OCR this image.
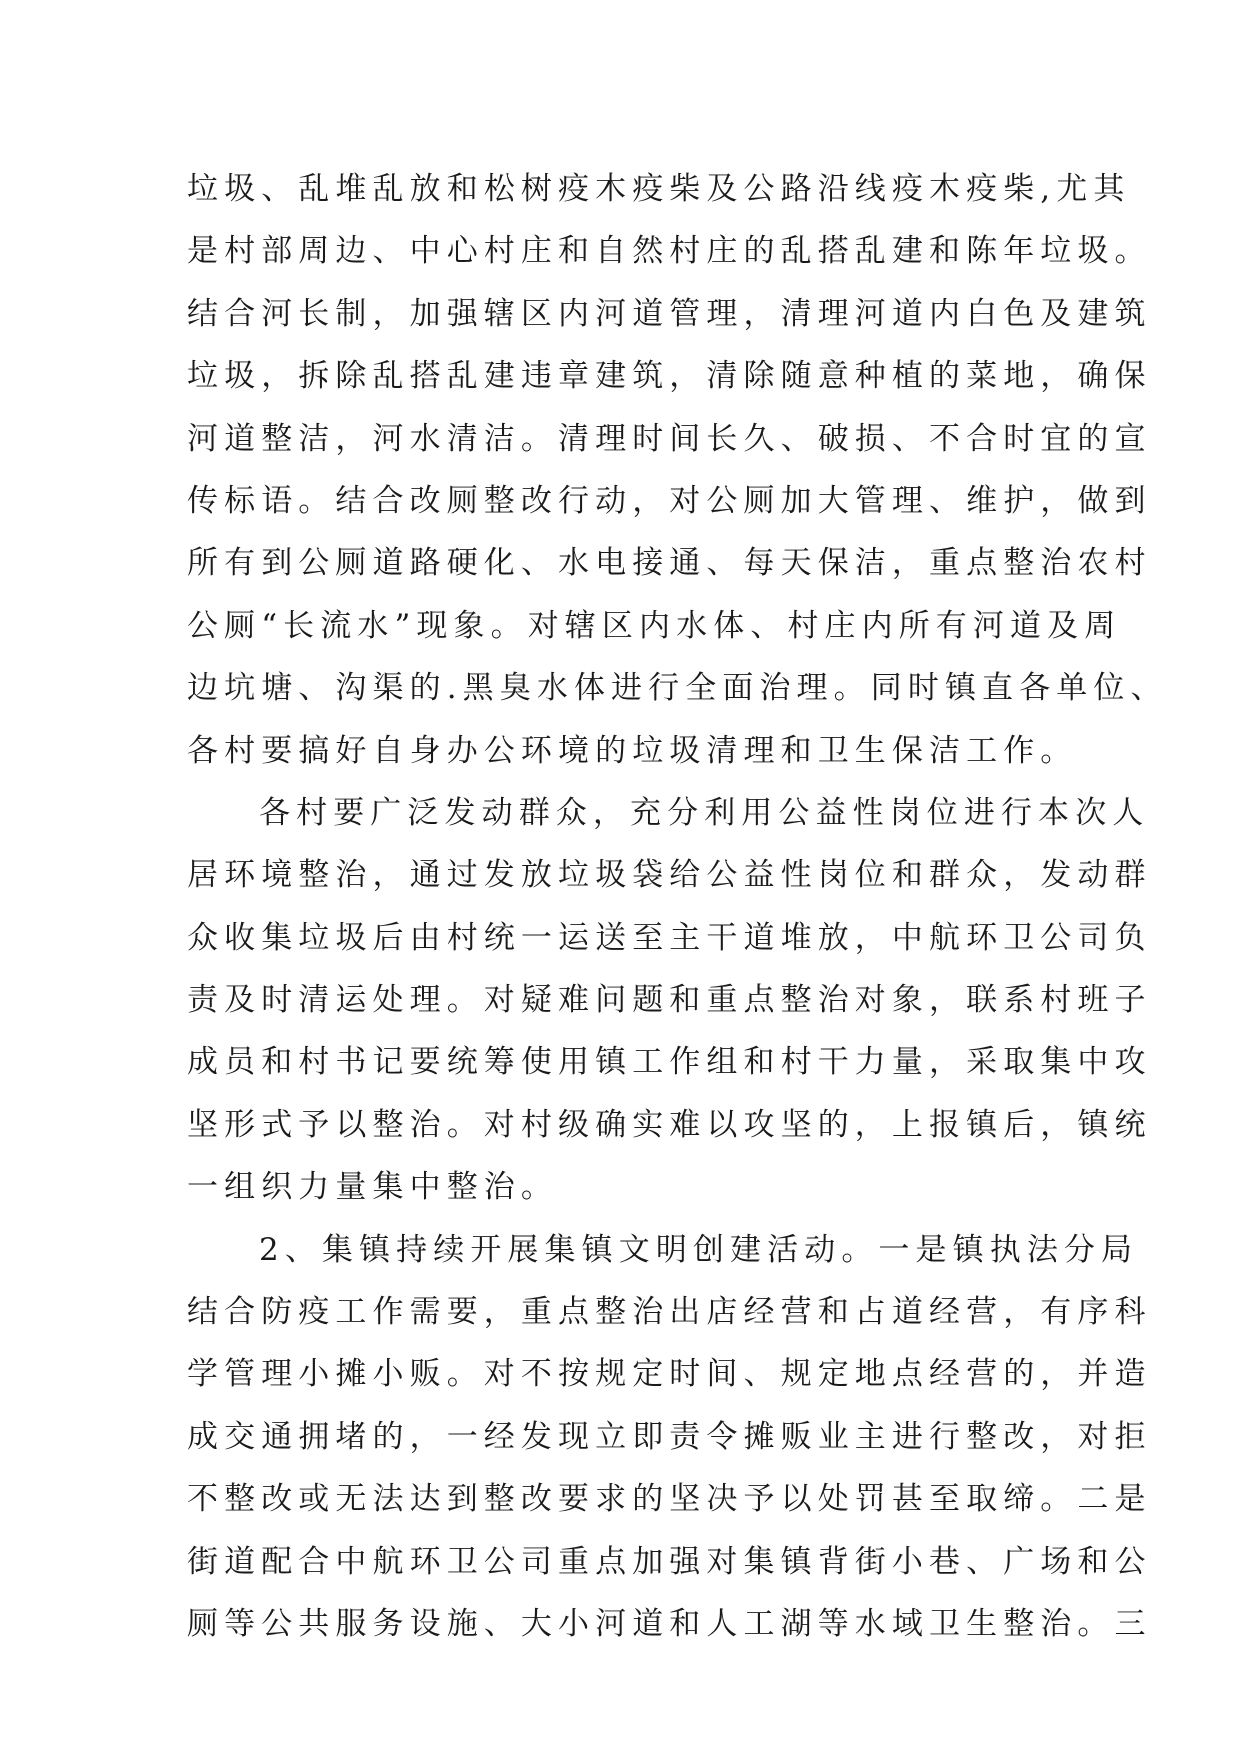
垃圾、乱堆乱放和松树疫木疫柴及公路沿线疫木疫柴,尤其
是村部周边、中心村庄和自然村庄的乱搭乱建和陈年垃圾。
结合河长制，加强辖区内河道管理，清理河道内白色及建筑
垃圾，拆除乱搭乱建违章建筑，清除随意种植的菜地，确保
河道整洁，河水清洁。清理时间长久、破损、不合时宜的宣
传标语。结合改厕整改行动，对公厕加大管理、维护，做到
所有到公厕道路硬化、水电接通、每天保洁，重点整治农村
公厕“长流水”现象。对辖区内水体、村庄内所有河道及周
边坑塘、沟渠的.黑臭水体进行全面治理。同时镇直各单位、
各村要搞好自身办公环境的垃圾清理和卫生保洁工作。
各村要广泛发动群众，充分利用公益性岗位进行本次人
居环境整治，通过发放垃圾袋给公益性岗位和群众，发动群
众收集垃圾后由村统一运送至主干道堆放，中航环卫公司负
责及时清运处理。对疑难问题和重点整治对象，联系村班子
成员和村书记要统筹使用镇工作组和村干力量，采取集中攻
坚形式予以整治。对村级确实难以攻坚的，上报镇后，镇统
一组织力量集中整治。
2、集镇持续开展集镇文明创建活动。一是镇执法分局
结合防疫工作需要，重点整治出店经营和占道经营，有序科
学管理小摊小贩。对不按规定时间、规定地点经营的，并造
成交通拥堵的，一经发现立即责令摊贩业主进行整改，对拒
不整改或无法达到整改要求的坚决予以处罚甚至取缔。二是
街道配合中航环卫公司重点加强对集镇背街小巷、广场和公
厕等公共服务设施、大小河道和人工湖等水域卫生整治。三
